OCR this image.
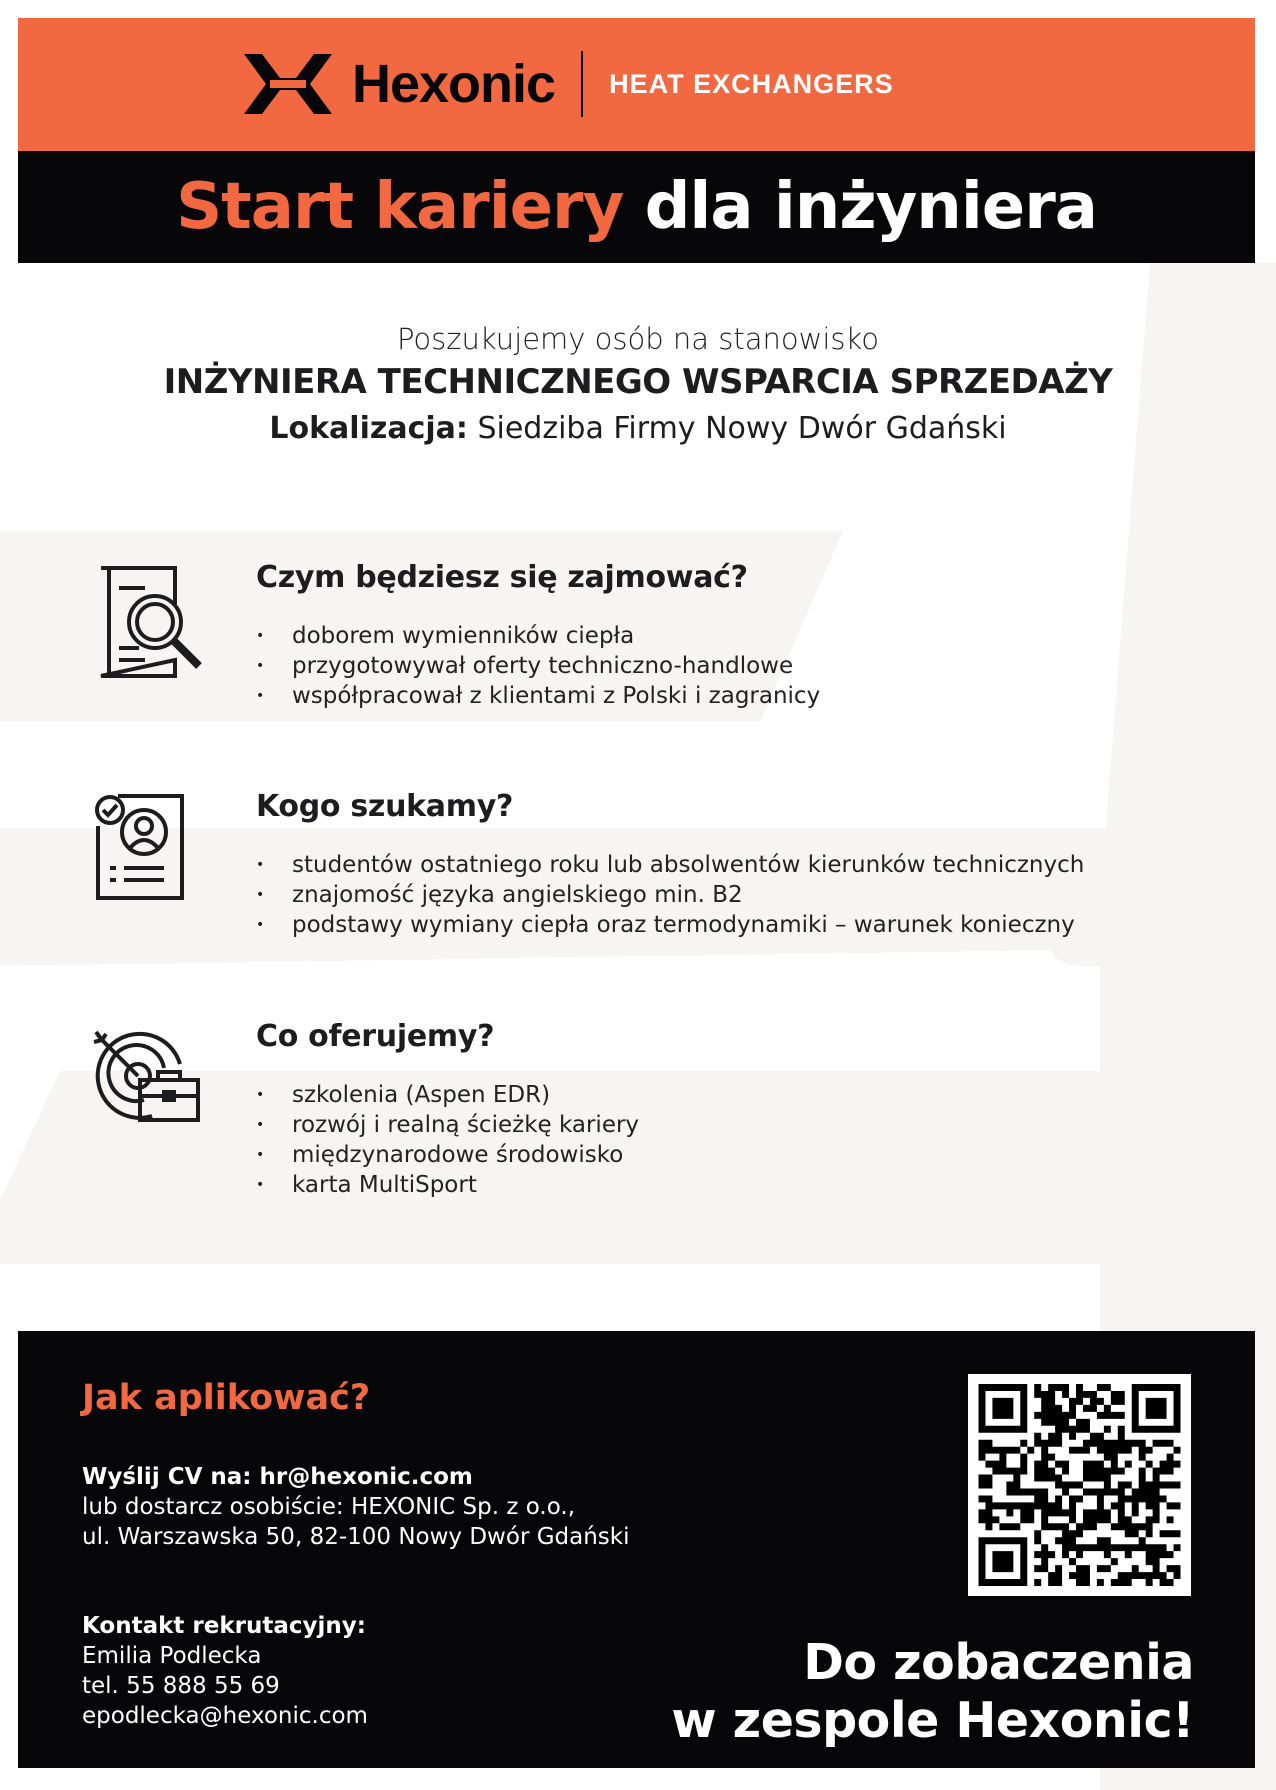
Hexonic HEAT EXCHANGERS
Start kariery dla inżyniera
Poszukujemy osób na stanowisko
INŻYNIERA TECHNICZNEGO WSPARCIA SPRZEDAŻY
Lokalizacja: Siedziba Firmy Nowy Dwór Gdański
Czym będziesz się zajmować?
• doborem wymienników ciepła
• przygotowywał oferty techniczno-handlowe
• współpracował z klientami z Polski i zagranicy
Kogo szukamy?
• studentów ostatniego roku lub absolwentów kierunków technicznych
• znajomość języka angielskiego min. B2
• podstawy wymiany ciepła oraz termodynamiki – warunek konieczny
Co oferujemy?
• szkolenia (Aspen EDR)
• rozwój i realną ścieżkę kariery
• międzynarodowe środowisko
• karta MultiSport
Jak aplikować?
Wyślij CV na: hr@hexonic.com
lub dostarcz osobiście: HEXONIC Sp. z o.o.,
ul. Warszawska 50, 82-100 Nowy Dwór Gdański
Kontakt rekrutacyjny:
Emilia Podlecka
tel. 55 888 55 69
epodlecka@hexonic.com
Do zobaczenia
w zespole Hexonic!
